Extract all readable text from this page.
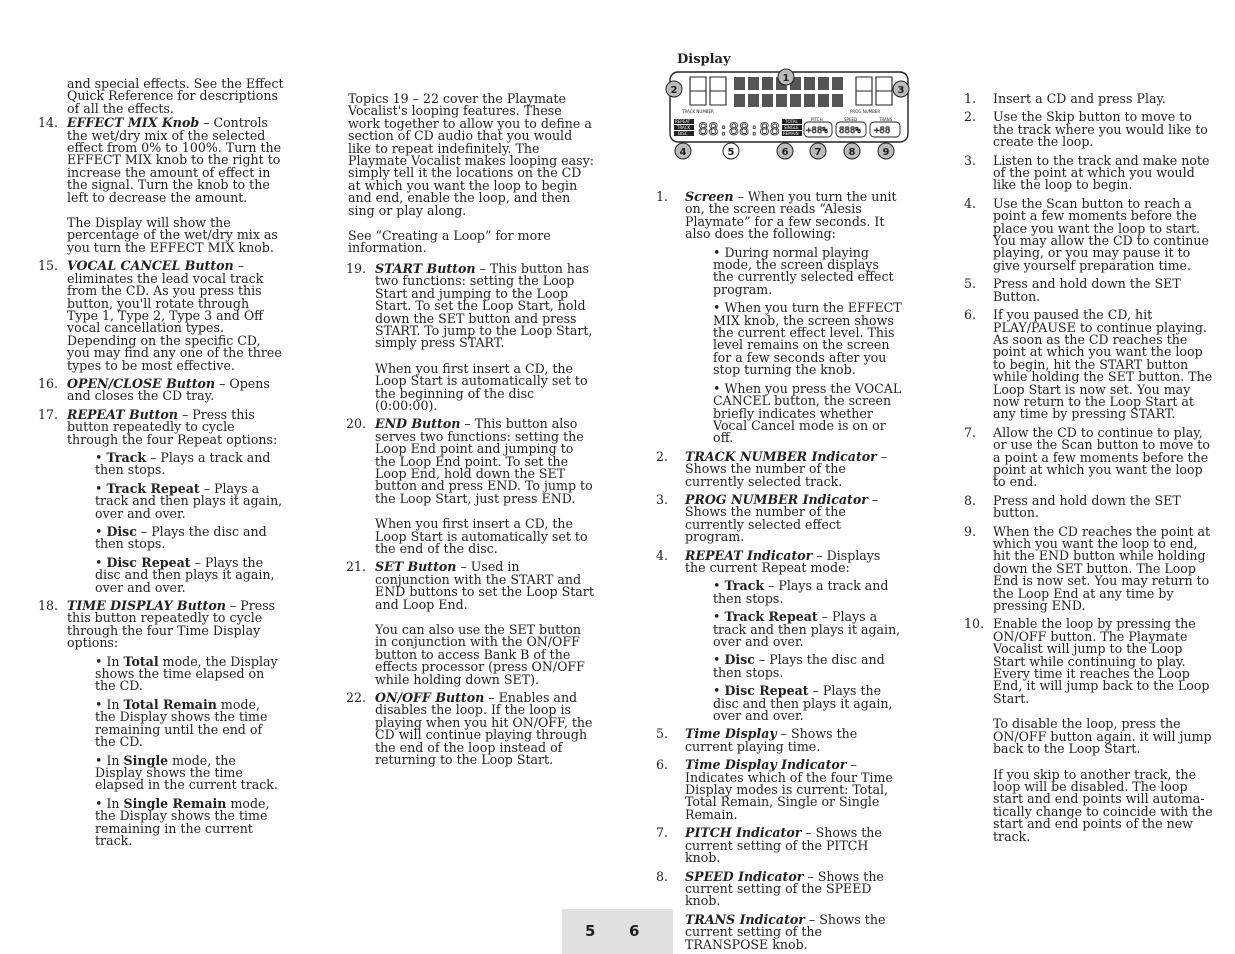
and special effects. See the Effect Quick Reference for descriptions of all the effects.
14. EFFECT MIX Knob – Controls the wet/dry mix of the selected effect from 0% to 100%. Turn the EFFECT MIX knob to the right to increase the amount of effect in the signal. Turn the knob to the left to decrease the amount.
The Display will show the percentage of the wet/dry mix as you turn the EFFECT MIX knob.
15. VOCAL CANCEL Button – eliminates the lead vocal track from the CD. As you press this button, you'll rotate through Type 1, Type 2, Type 3 and Off vocal cancellation types. Depending on the specific CD, you may find any one of the three types to be most effective.
16. OPEN/CLOSE Button – Opens and closes the CD tray.
17. REPEAT Button – Press this button repeatedly to cycle through the four Repeat options:
• Track – Plays a track and then stops.
• Track Repeat – Plays a track and then plays it again, over and over.
• Disc – Plays the disc and then stops.
• Disc Repeat – Plays the disc and then plays it again, over and over.
18. TIME DISPLAY Button – Press this button repeatedly to cycle through the four Time Display options:
• In Total mode, the Display shows the time elapsed on the CD.
• In Total Remain mode, the Display shows the time remaining until the end of the CD.
• In Single mode, the Display shows the time elapsed in the current track.
• In Single Remain mode, the Display shows the time remaining in the current track.
Topics 19 – 22 cover the Playmate Vocalist's looping features. These work together to allow you to define a section of CD audio that you would like to repeat indefinitely. The Playmate Vocalist makes looping easy: simply tell it the locations on the CD at which you want the loop to begin and end, enable the loop, and then sing or play along.
See “Creating a Loop” for more information.
19. START Button – This button has two functions: setting the Loop Start and jumping to the Loop Start. To set the Loop Start, hold down the SET button and press START. To jump to the Loop Start, simply press START.
When you first insert a CD, the Loop Start is automatically set to the beginning of the disc (0:00:00).
20. END Button – This button also serves two functions: setting the Loop End point and jumping to the Loop End point. To set the Loop End, hold down the SET button and press END. To jump to the Loop Start, just press END.
When you first insert a CD, the Loop Start is automatically set to the end of the disc.
21. SET Button – Used in conjunction with the START and END buttons to set the Loop Start and Loop End.
You can also use the SET button in conjunction with the ON/OFF button to access Bank B of the effects processor (press ON/OFF while holding down SET).
22. ON/OFF Button – Enables and disables the loop. If the loop is playing when you hit ON/OFF, the CD will continue playing through the end of the loop instead of returning to the Loop Start.
Display
TRACK NUMBER	PROG NUMBER
REPEAT
TRACK
DISC 88:88:88 TOTAL
SINGLE
REMAIN
PITCH	SPEED	TRANS
+88% 888% +88
1
2	3
4	5	6	7	8	9
1. Screen – When you turn the unit on, the screen reads “Alesis Playmate” for a few seconds. It also does the following:
• During normal playing mode, the screen displays the currently selected effect program.
• When you turn the EFFECT MIX knob, the screen shows the current effect level. This level remains on the screen for a few seconds after you stop turning the knob.
• When you press the VOCAL CANCEL button, the screen briefly indicates whether Vocal Cancel mode is on or off.
2. TRACK NUMBER Indicator – Shows the number of the currently selected track.
3. PROG NUMBER Indicator – Shows the number of the currently selected effect program.
4. REPEAT Indicator – Displays the current Repeat mode:
• Track – Plays a track and then stops.
• Track Repeat – Plays a track and then plays it again, over and over.
• Disc – Plays the disc and then stops.
• Disc Repeat – Plays the disc and then plays it again, over and over.
5. Time Display – Shows the current playing time.
6. Time Display Indicator – Indicates which of the four Time Display modes is current: Total, Total Remain, Single or Single Remain.
7. PITCH Indicator – Shows the current setting of the PITCH knob.
8. SPEED Indicator – Shows the current setting of the SPEED knob.
TRANS Indicator – Shows the current setting of the TRANSPOSE knob.
1. Insert a CD and press Play.
2. Use the Skip button to move to the track where you would like to create the loop.
3. Listen to the track and make note of the point at which you would like the loop to begin.
4. Use the Scan button to reach a point a few moments before the place you want the loop to start. You may allow the CD to continue playing, or you may pause it to give yourself preparation time.
5. Press and hold down the SET Button.
6. If you paused the CD, hit PLAY/PAUSE to continue playing. As soon as the CD reaches the point at which you want the loop to begin, hit the START button while holding the SET button. The Loop Start is now set. You may now return to the Loop Start at any time by pressing START.
7. Allow the CD to continue to play, or use the Scan button to move to a point a few moments before the point at which you want the loop to end.
8. Press and hold down the SET button.
9. When the CD reaches the point at which you want the loop to end, hit the END button while holding down the SET button. The Loop End is now set. You may return to the Loop End at any time by pressing END.
10. Enable the loop by pressing the ON/OFF button. The Playmate Vocalist will jump to the Loop Start while continuing to play. Every time it reaches the Loop End, it will jump back to the Loop Start.
To disable the loop, press the ON/OFF button again. it will jump back to the Loop Start.
If you skip to another track, the loop will be disabled. The loop start and end points will automa-tically change to coincide with the start and end points of the new track.
5 6
